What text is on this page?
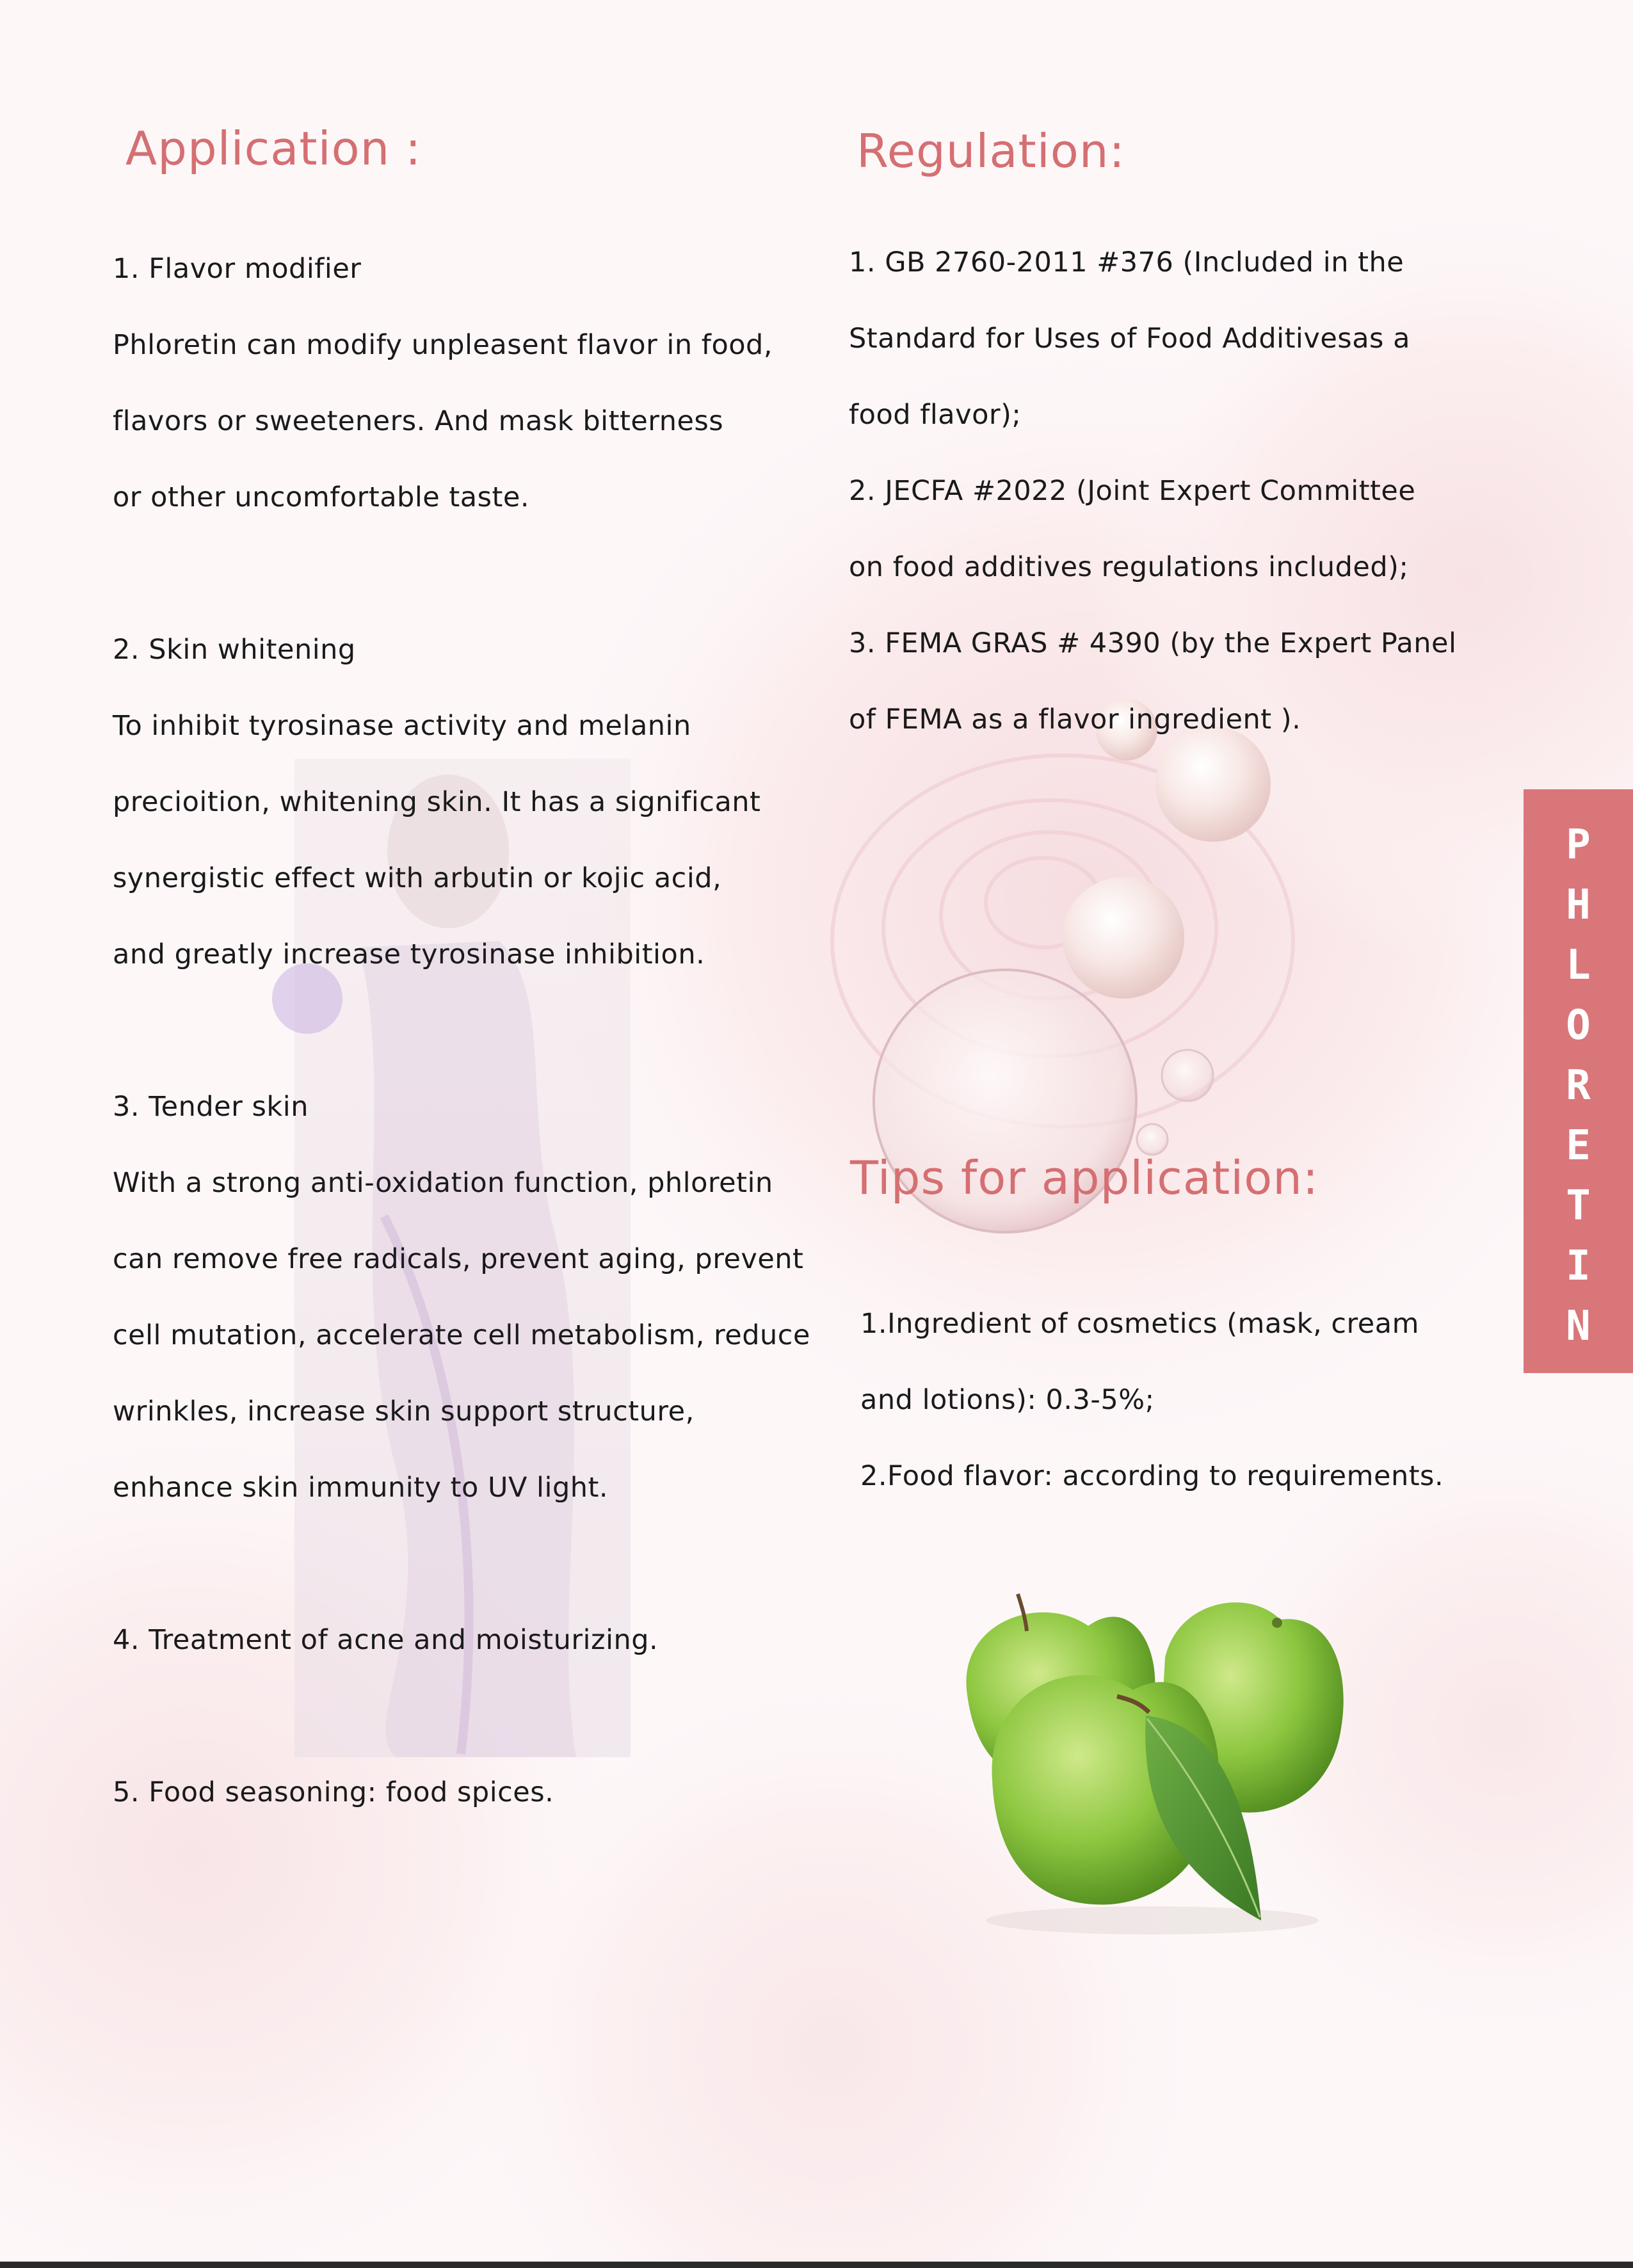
Application :

1. Flavor modifier

Phloretin can modify unpleasent flavor in food,

flavors or sweeteners. And mask bitterness

or other uncomfortable taste.

2. Skin whitening

To inhibit tyrosinase activity and melanin

precioition, whitening skin. It has a significant

synergistic effect with arbutin or kojic acid,

and greatly increase tyrosinase inhibition.

3. Tender skin

With a strong anti-oxidation function, phloretin

can remove free radicals, prevent aging, prevent

cell mutation, accelerate cell metabolism, reduce

wrinkles, increase skin support structure,

enhance skin immunity to UV light.

4. Treatment of acne and moisturizing.

5. Food seasoning: food spices.

Regulation:

1. GB 2760-2011 #376 (Included in the

Standard for Uses of Food Additivesas a

food flavor);

2. JECFA #2022 (Joint Expert Committee

on food additives regulations included);

3. FEMA GRAS # 4390 (by the Expert Panel

of FEMA as a flavor ingredient ).

Tips for application:

1.Ingredient of cosmetics (mask, cream

and lotions): 0.3-5%;

2.Food flavor: according to requirements.

P
H
L
O
R
E
T
I
N
